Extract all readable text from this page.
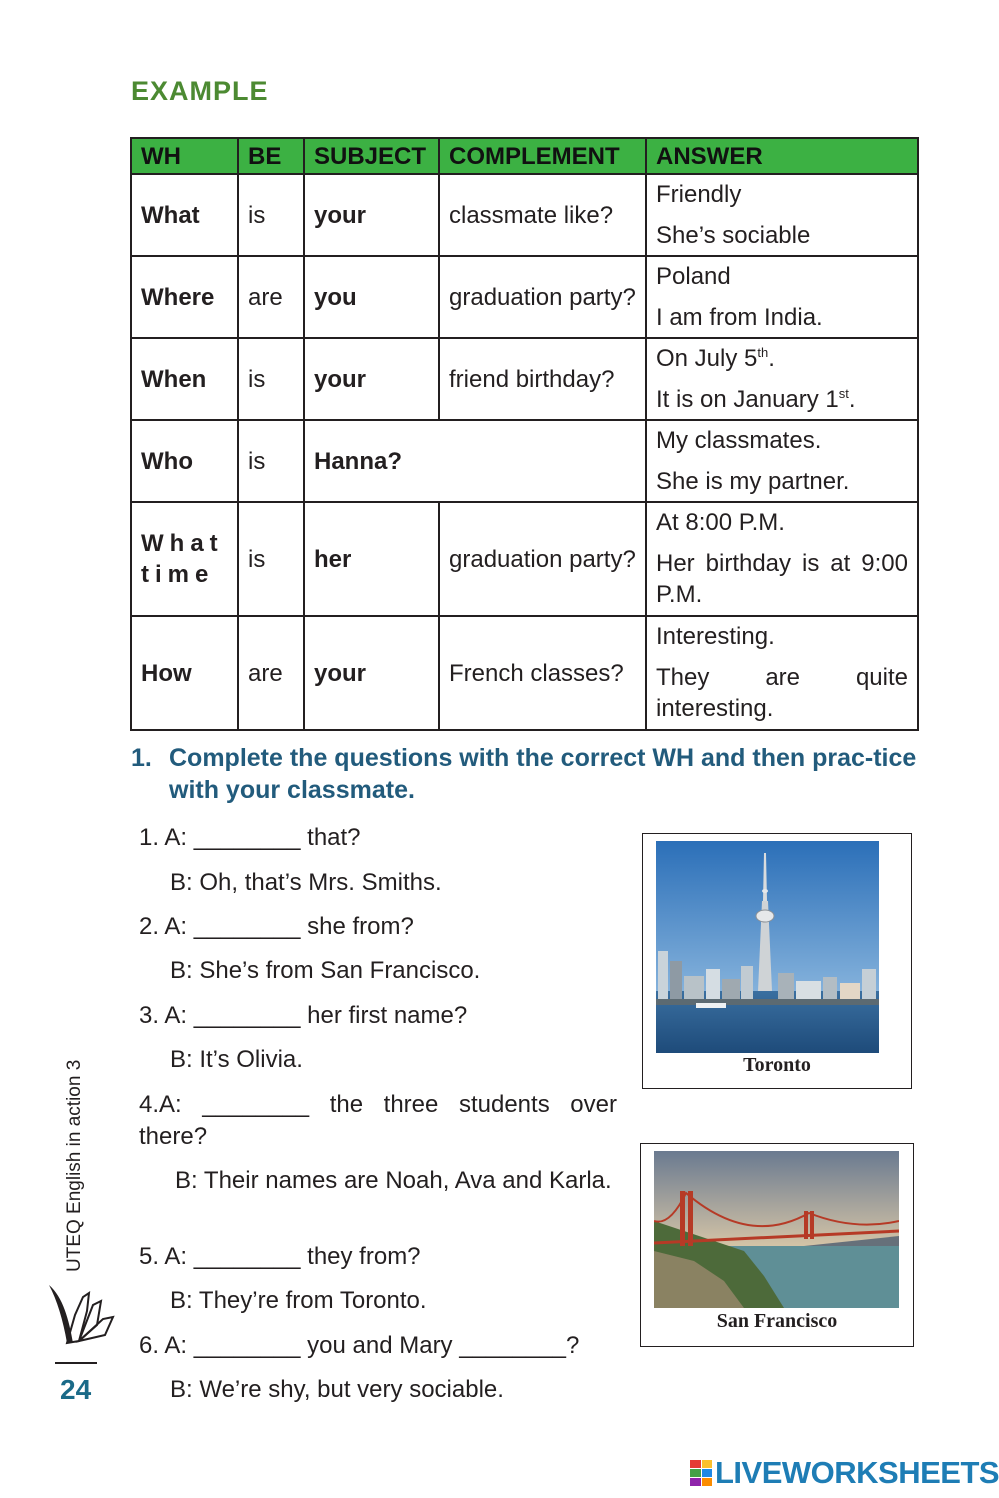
EXAMPLE
WH	BE	SUBJECT	COMPLEMENT	ANSWER
What	is	your	classmate like?	Friendly
She’s sociable

Where	are	you	graduation party?	Poland
I am from India.

When	is	your	friend birthday?	On July 5th.
It is on January 1st.

Who	is	Hanna?		My classmates.
She is my partner.

What time	is	her	graduation party?	At 8:00 P.M.
Her birthday is at 9:00 P.M.

How	are	your	French classes?	Interesting.
They are quite interesting.
1. Complete the questions with the correct WH and then prac-tice with your classmate.
1. A: ________ that?
B: Oh, that’s Mrs. Smiths.
2. A: ________ she from?
B: She’s from San Francisco.
3. A: ________ her first name?
B: It’s Olivia.
4.A: ________ the three students over there?
B: Their names are Noah, Ava and Karla.
5. A: ________ they from?
B: They’re from Toronto.
6. A: ________ you and Mary ________?
B: We’re shy, but very sociable.
Toronto
San Francisco
UTEQ English in action 3
24
LIVEWORKSHEETS
